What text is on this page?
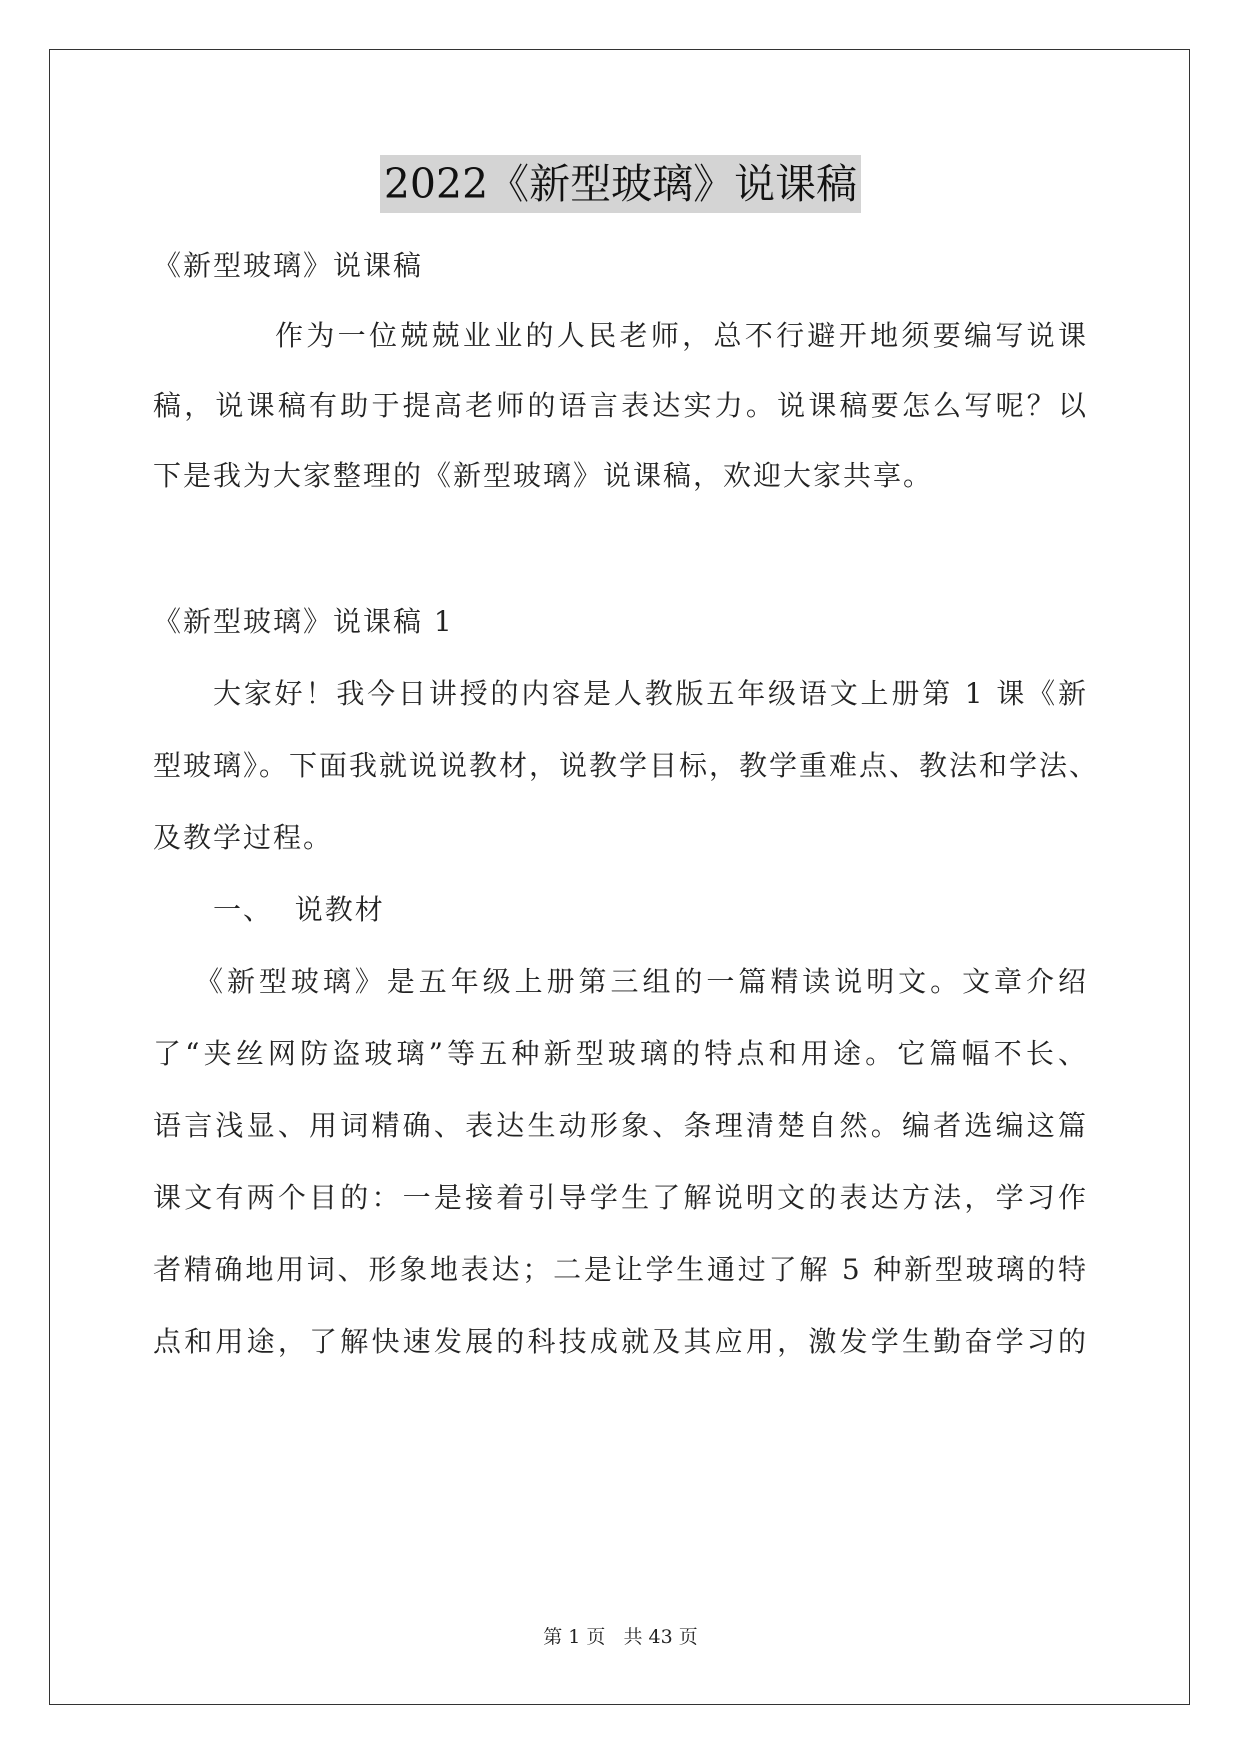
2022《新型玻璃》说课稿
《新型玻璃》说课稿
作为一位兢兢业业的人民老师，总不行避开地须要编写说课
稿，说课稿有助于提高老师的语言表达实力。说课稿要怎么写呢？以
下是我为大家整理的《新型玻璃》说课稿，欢迎大家共享。
《新型玻璃》说课稿 1
大家好！我今日讲授的内容是人教版五年级语文上册第 1 课《新
型玻璃》。下面我就说说教材，说教学目标，教学重难点、教法和学法、
及教学过程。
一、  说教材
《新型玻璃》是五年级上册第三组的一篇精读说明文。文章介绍
了“夹丝网防盗玻璃”等五种新型玻璃的特点和用途。它篇幅不长、
语言浅显、用词精确、表达生动形象、条理清楚自然。编者选编这篇
课文有两个目的：一是接着引导学生了解说明文的表达方法，学习作
者精确地用词、形象地表达；二是让学生通过了解 5 种新型玻璃的特
点和用途，了解快速发展的科技成就及其应用，激发学生勤奋学习的
第 1 页 共 43 页
